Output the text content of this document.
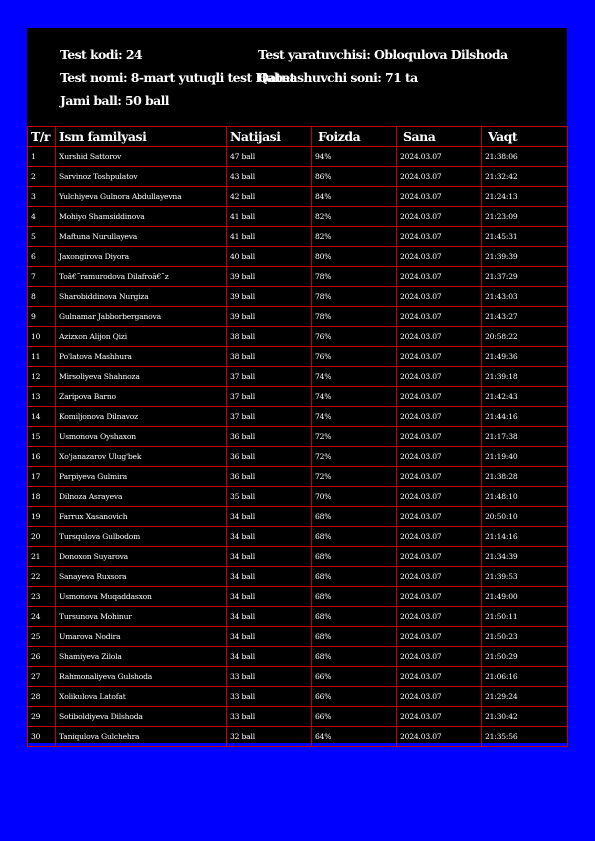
Test kodi: 24	Test yaratuvchisi: Obloqulova Dilshoda
Test nomi: 8-mart yutuqli test Habet
Qatnashuvchi soni: 71 ta
Jami ball: 50 ball
T/r	Ism familyasi	Natijasi	Foizda	Sana	Vaqt
1	Xurshid Sattorov	47 ball	94%	2024.03.07	21:38:06
2	Sarvinoz Toshpulatov	43 ball	86%	2024.03.07	21:32:42
3	Yulchiyeva Gulnora Abdullayevna	42 ball	84%	2024.03.07	21:24:13
4	Mohiyo Shamsiddinova	41 ball	82%	2024.03.07	21:23:09
5	Maftuna Nurullayeva	41 ball	82%	2024.03.07	21:45:31
6	Jaxongirova Diyora	40 ball	80%	2024.03.07	21:39:39
7	Toâ€˜ramurodova Dilafroâ€˜z	39 ball	78%	2024.03.07	21:37:29
8	Sharobiddinova Nurgiza	39 ball	78%	2024.03.07	21:43:03
9	Gulnamar Jabborberganova	39 ball	78%	2024.03.07	21:43:27
10	Azizxon Alijon Qizi	38 ball	76%	2024.03.07	20:58:22
11	Po'latova Mashhura	38 ball	76%	2024.03.07	21:49:36
12	Mirsoliyeva Shahnoza	37 ball	74%	2024.03.07	21:39:18
13	Zaripova Barno	37 ball	74%	2024.03.07	21:42:43
14	Komiljonova Dilnavoz	37 ball	74%	2024.03.07	21:44:16
15	Usmonova Oyshaxon	36 ball	72%	2024.03.07	21:17:38
16	Xo'janazarov Ulug'bek	36 ball	72%	2024.03.07	21:19:40
17	Parpiyeva Gulmira	36 ball	72%	2024.03.07	21:38:28
18	Dilnoza Asrayeva	35 ball	70%	2024.03.07	21:48:10
19	Farrux Xasanovich	34 ball	68%	2024.03.07	20:50:10
20	Tursqulova Gulbodom	34 ball	68%	2024.03.07	21:14:16
21	Donoxon Suyarova	34 ball	68%	2024.03.07	21:34:39
22	Sanayeva Ruxsora	34 ball	68%	2024.03.07	21:39:53
23	Usmonova Muqaddasxon	34 ball	68%	2024.03.07	21:49:00
24	Tursunova Mohinur	34 ball	68%	2024.03.07	21:50:11
25	Umarova Nodira	34 ball	68%	2024.03.07	21:50:23
26	Shamiyeva Zilola	34 ball	68%	2024.03.07	21:50:29
27	Rahmonaliyeva Gulshoda	33 ball	66%	2024.03.07	21:06:16
28	Xolikulova Latofat	33 ball	66%	2024.03.07	21:29:24
29	Sotiboldiyeva Dilshoda	33 ball	66%	2024.03.07	21:30:42
30	Taniqulova Gulchehra	32 ball	64%	2024.03.07	21:35:56
